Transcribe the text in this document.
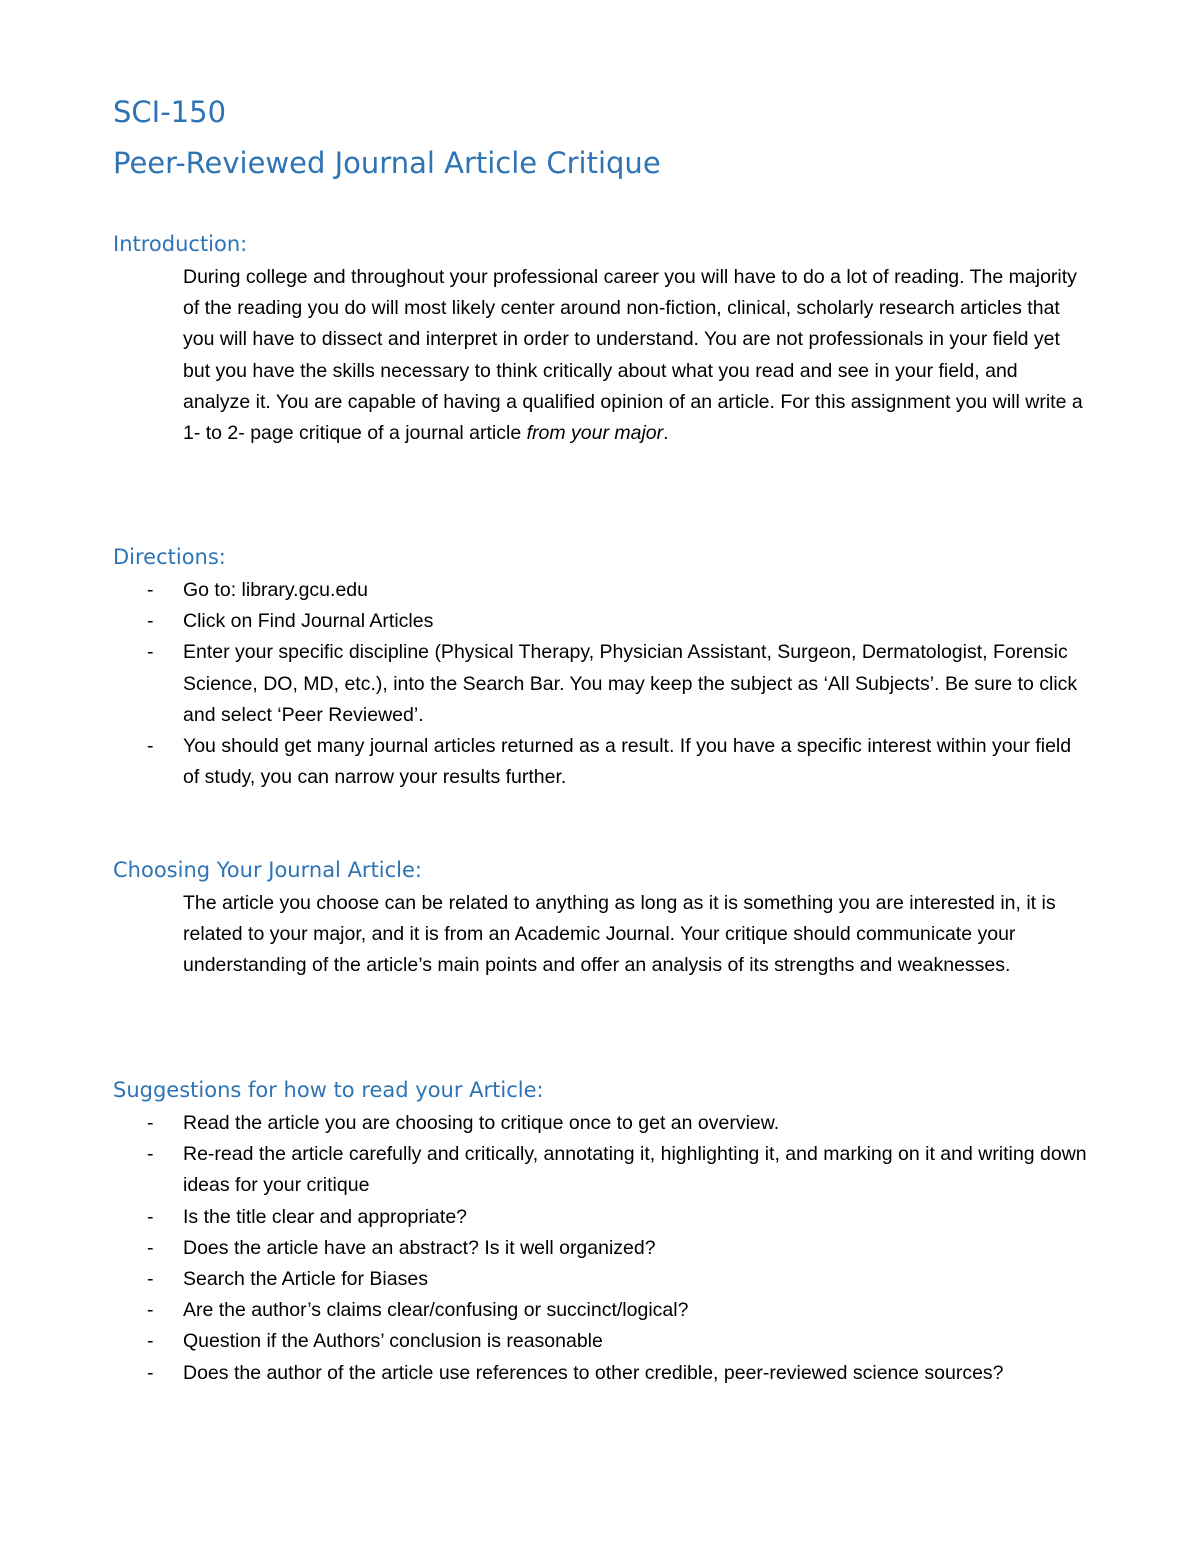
SCI-150
Peer-Reviewed Journal Article Critique
Introduction:

During college and throughout your professional career you will have to do a lot of reading. The majority of the reading you do will most likely center around non-fiction, clinical, scholarly research articles that you will have to dissect and interpret in order to understand. You are not professionals in your field yet but you have the skills necessary to think critically about what you read and see in your field, and analyze it. You are capable of having a qualified opinion of an article. For this assignment you will write a 1- to 2- page critique of a journal article from your major.

Directions:
- Go to: library.gcu.edu
- Click on Find Journal Articles
- Enter your specific discipline (Physical Therapy, Physician Assistant, Surgeon, Dermatologist, Forensic Science, DO, MD, etc.), into the Search Bar. You may keep the subject as ‘All Subjects’. Be sure to click and select ‘Peer Reviewed’.
- You should get many journal articles returned as a result. If you have a specific interest within your field of study, you can narrow your results further.
Choosing Your Journal Article:

The article you choose can be related to anything as long as it is something you are interested in, it is related to your major, and it is from an Academic Journal. Your critique should communicate your understanding of the article’s main points and offer an analysis of its strengths and weaknesses.

Suggestions for how to read your Article:
- Read the article you are choosing to critique once to get an overview.
- Re-read the article carefully and critically, annotating it, highlighting it, and marking on it and writing down ideas for your critique
- Is the title clear and appropriate?
- Does the article have an abstract? Is it well organized?
- Search the Article for Biases
- Are the author’s claims clear/confusing or succinct/logical?
- Question if the Authors’ conclusion is reasonable
- Does the author of the article use references to other credible, peer-reviewed science sources?
